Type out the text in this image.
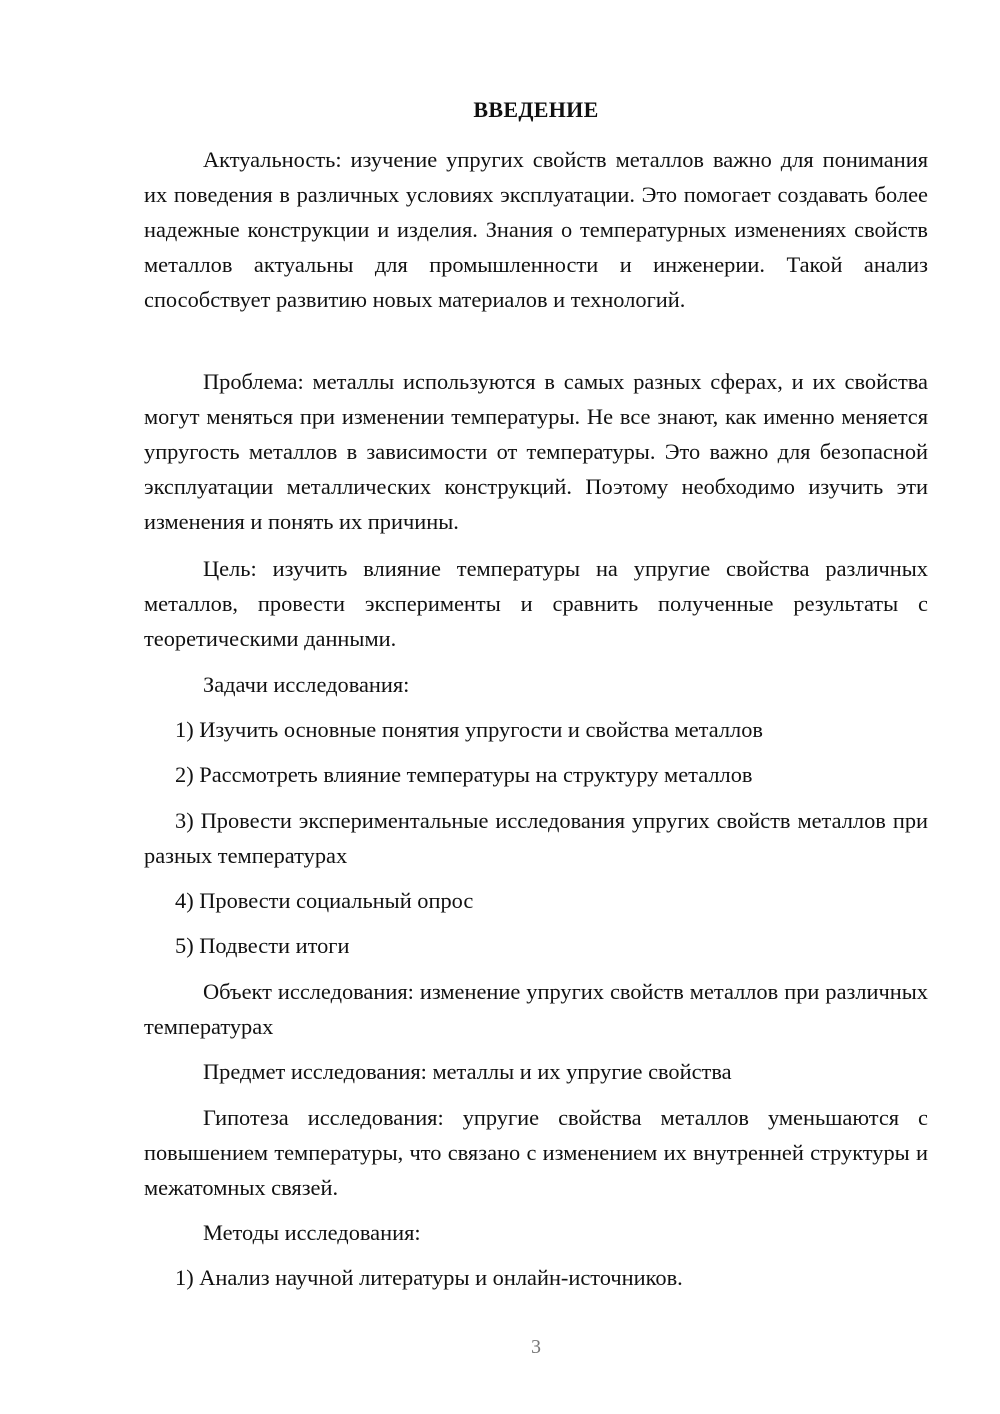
ВВЕДЕНИЕ

Актуальность: изучение упругих свойств металлов важно для понимания их поведения в различных условиях эксплуатации. Это помогает создавать более надежные конструкции и изделия. Знания о температурных изменениях свойств металлов актуальны для промышленности и инженерии. Такой анализ способствует развитию новых материалов и технологий.

Проблема: металлы используются в самых разных сферах, и их свойства могут меняться при изменении температуры. Не все знают, как именно меняется упругость металлов в зависимости от температуры. Это важно для безопасной эксплуатации металлических конструкций. Поэтому необходимо изучить эти изменения и понять их причины.

Цель: изучить влияние температуры на упругие свойства различных металлов, провести эксперименты и сравнить полученные результаты с теоретическими данными.

Задачи исследования:

1) Изучить основные понятия упругости и свойства металлов

2) Рассмотреть влияние температуры на структуру металлов

3) Провести экспериментальные исследования упругих свойств металлов при разных температурах

4) Провести социальный опрос

5) Подвести итоги

Объект исследования: изменение упругих свойств металлов при различных температурах

Предмет исследования: металлы и их упругие свойства

Гипотеза исследования: упругие свойства металлов уменьшаются с повышением температуры, что связано с изменением их внутренней структуры и межатомных связей.

Методы исследования:

1) Анализ научной литературы и онлайн-источников.

3
